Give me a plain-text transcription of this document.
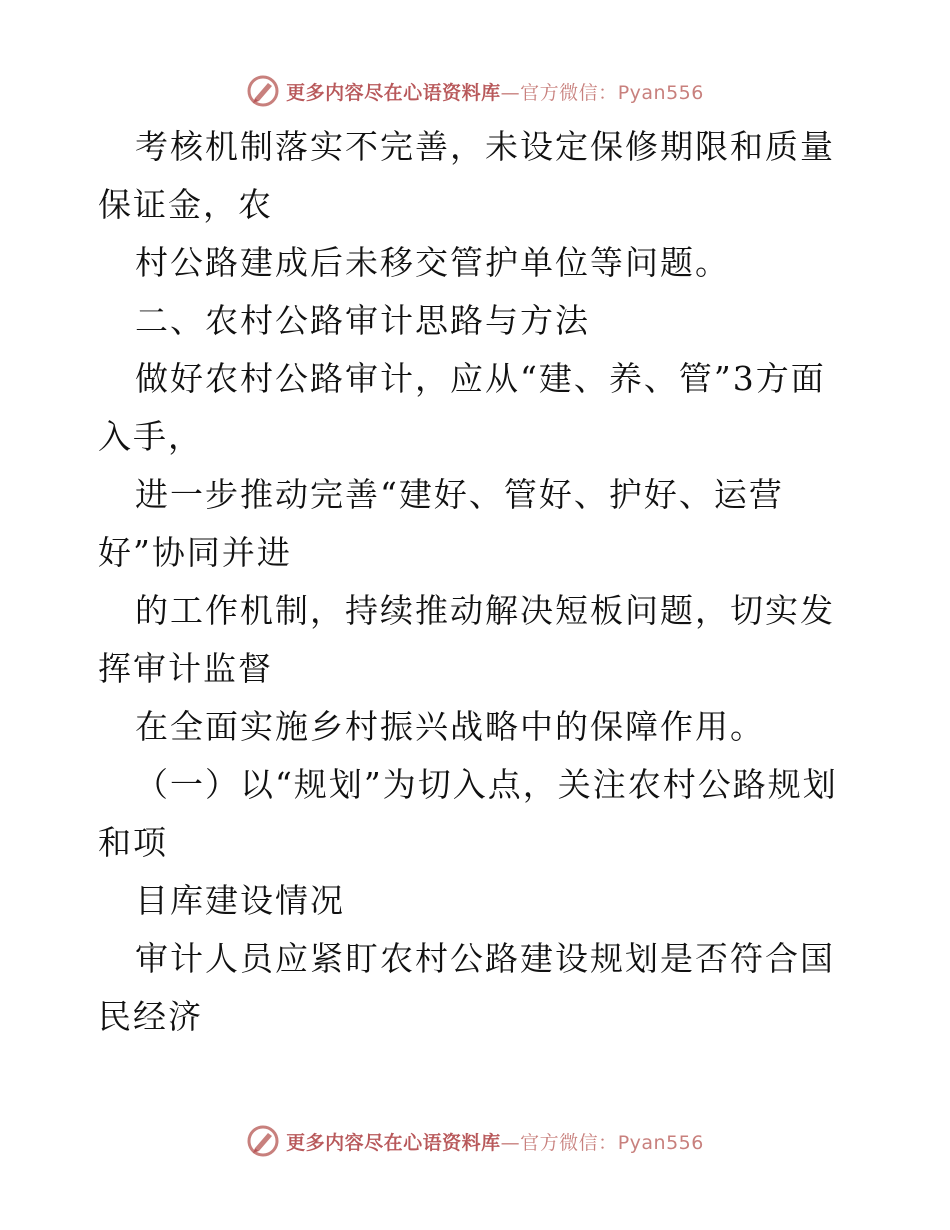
更多内容尽在心语资料库—官方微信：Pyan556

考核机制落实不完善，未设定保修期限和质量保证金，农

村公路建成后未移交管护单位等问题。

二、农村公路审计思路与方法

做好农村公路审计，应从“建、养、管”3方面入手，

进一步推动完善“建好、管好、护好、运营好”协同并进

的工作机制，持续推动解决短板问题，切实发挥审计监督

在全面实施乡村振兴战略中的保障作用。

（一）以“规划”为切入点，关注农村公路规划和项

目库建设情况

审计人员应紧盯农村公路建设规划是否符合国民经济

更多内容尽在心语资料库—官方微信：Pyan556
